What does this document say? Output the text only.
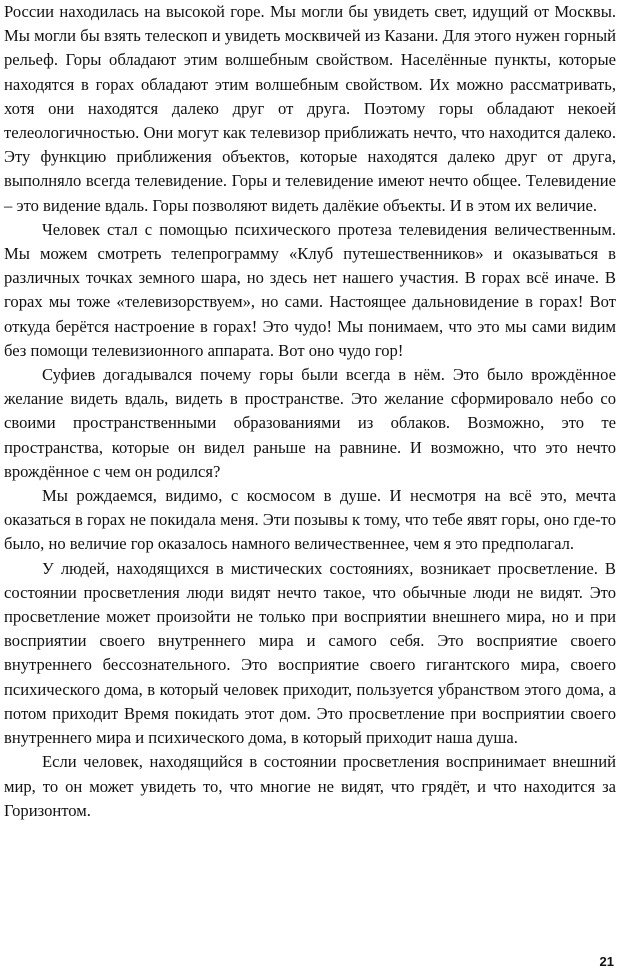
России находилась на высокой горе. Мы могли бы увидеть свет, идущий от Москвы. Мы могли бы взять телескоп и увидеть москвичей из Казани. Для этого нужен горный рельеф. Горы обладают этим волшебным свойством. Населённые пункты, которые находятся в горах обладают этим волшебным свойством. Их можно рассматривать, хотя они находятся далеко друг от друга. Поэтому горы обладают некоей телеологичностью. Они могут как телевизор приближать нечто, что находится далеко. Эту функцию приближения объектов, которые находятся далеко друг от друга, выполняло всегда телевидение. Горы и телевидение имеют нечто общее. Телевидение – это видение вдаль. Горы позволяют видеть далёкие объекты. И в этом их величие.

Человек стал с помощью психического протеза телевидения величественным. Мы можем смотреть телепрограмму «Клуб путешественников» и оказываться в различных точках земного шара, но здесь нет нашего участия. В горах всё иначе. В горах мы тоже «телевизорствуем», но сами. Настоящее дальновидение в горах! Вот откуда берётся настроение в горах! Это чудо! Мы понимаем, что это мы сами видим без помощи телевизионного аппарата. Вот оно чудо гор!

Суфиев догадывался почему горы были всегда в нём. Это было врождённое желание видеть вдаль, видеть в пространстве. Это желание сформировало небо со своими пространственными образованиями из облаков. Возможно, это те пространства, которые он видел раньше на равнине. И возможно, что это нечто врождённое с чем он родился?

Мы рождаемся, видимо, с космосом в душе. И несмотря на всё это, мечта оказаться в горах не покидала меня. Эти позывы к тому, что тебе явят горы, оно где-то было, но величие гор оказалось намного величественнее, чем я это предполагал.

У людей, находящихся в мистических состояниях, возникает просветление. В состоянии просветления люди видят нечто такое, что обычные люди не видят. Это просветление может произойти не только при восприятии внешнего мира, но и при восприятии своего внутреннего мира и самого себя. Это восприятие своего внутреннего бессознательного. Это восприятие своего гигантского мира, своего психического дома, в который человек приходит, пользуется убранством этого дома, а потом приходит Время покидать этот дом. Это просветление при восприятии своего внутреннего мира и психического дома, в который приходит наша душа.

Если человек, находящийся в состоянии просветления воспринимает внешний мир, то он может увидеть то, что многие не видят, что грядёт, и что находится за Горизонтом.

21
